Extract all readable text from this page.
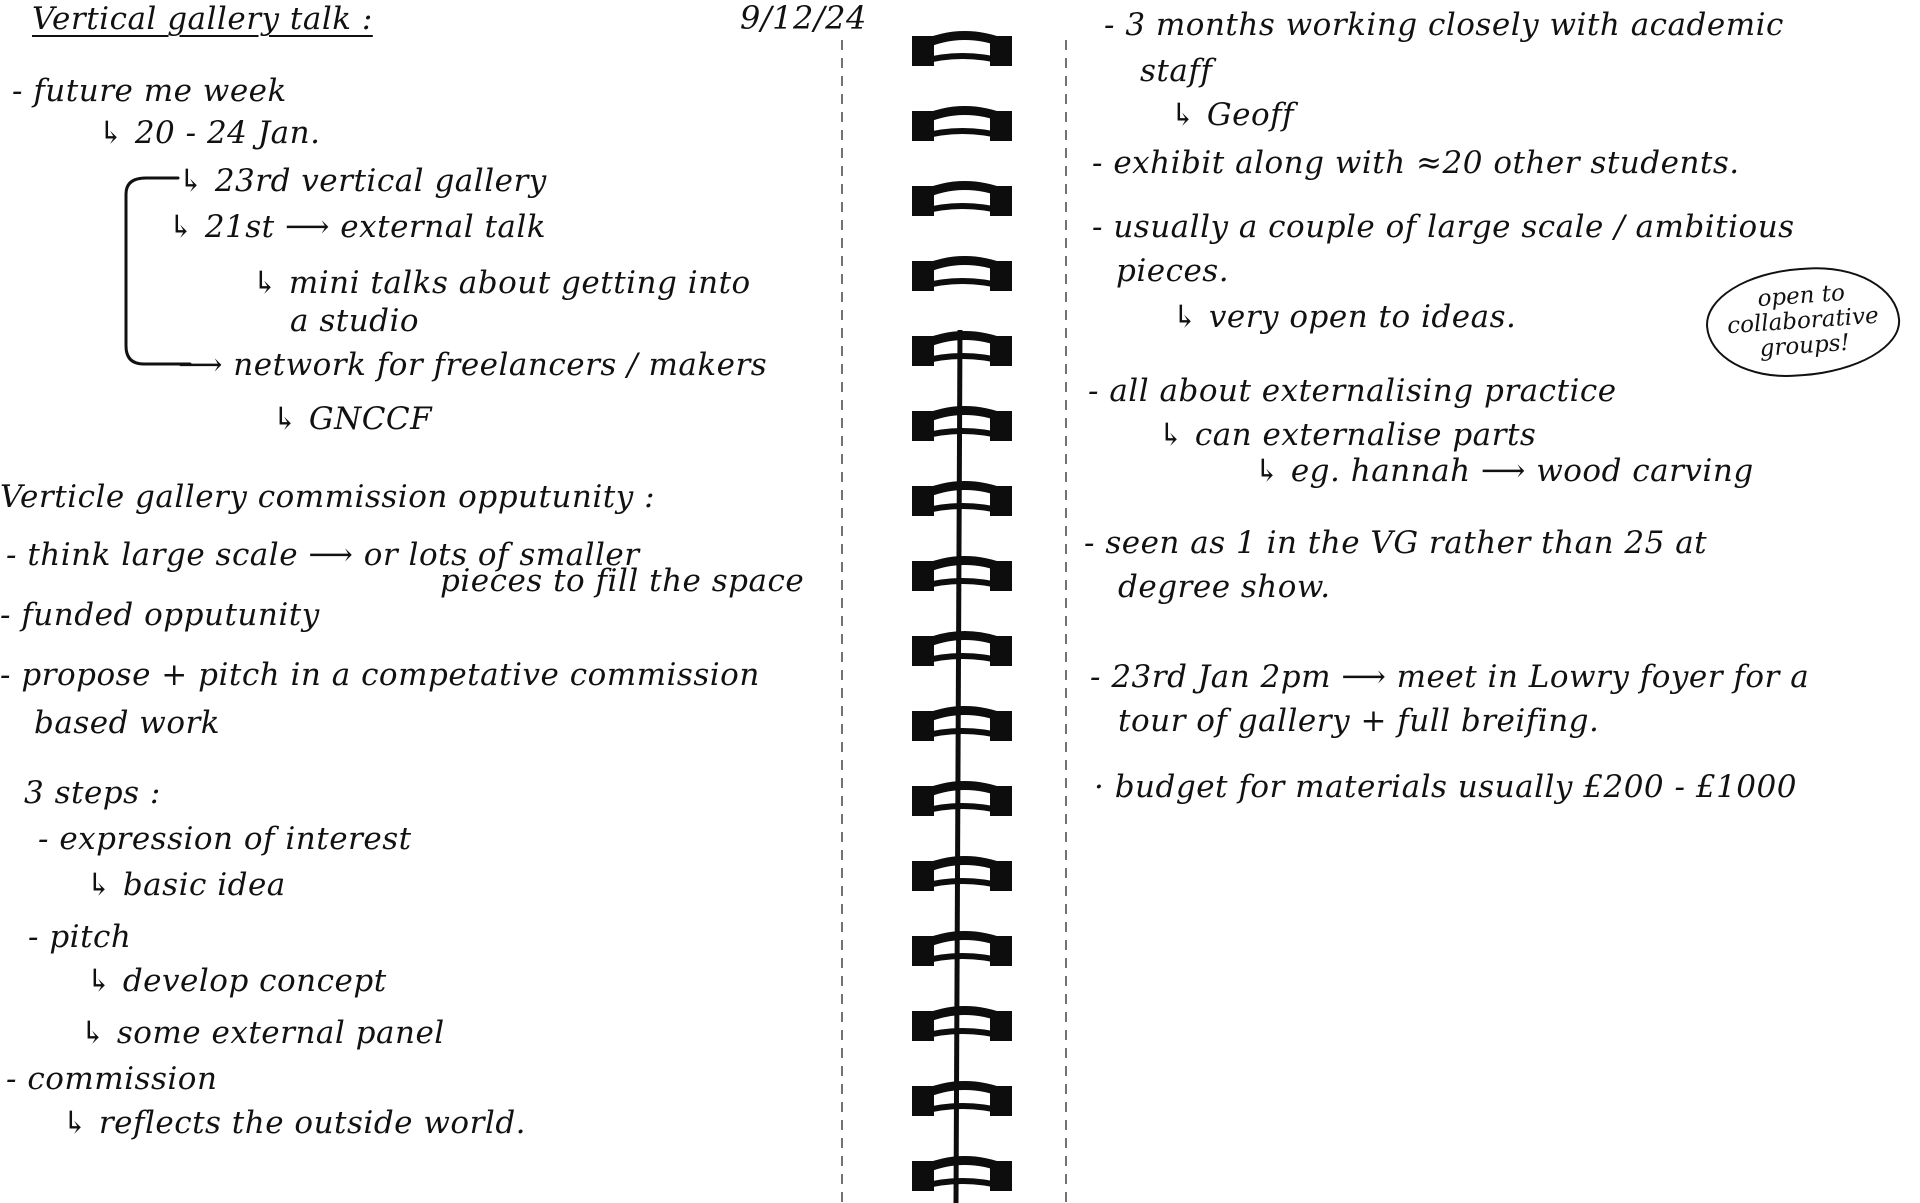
Vertical gallery talk :	9/12/24
- future me week
↳ 20 - 24 Jan.
↳ 23rd vertical gallery
↳ 21st ⟶ external talk
↳ mini talks about getting into
a studio
⟶ network for freelancers / makers
↳ GNCCF
Verticle gallery commission opputunity :
- think large scale ⟶ or lots of smaller
pieces to fill the space
- funded opputunity
- propose + pitch in a competative commission
based work
3 steps :
- expression of interest
↳ basic idea
- pitch
↳ develop concept
↳ some external panel
- commission
↳ reflects the outside world.
- 3 months working closely with academic
staff
↳ Geoff
- exhibit along with ≈20 other students.
- usually a couple of large scale / ambitious
pieces.
↳ very open to ideas.
- all about externalising practice
↳ can externalise parts
↳ eg. hannah ⟶ wood carving
- seen as 1 in the VG rather than 25 at
degree show.
- 23rd Jan 2pm ⟶ meet in Lowry foyer for a
tour of gallery + full breifing.
· budget for materials usually £200 - £1000
open to
collaborative
groups!
